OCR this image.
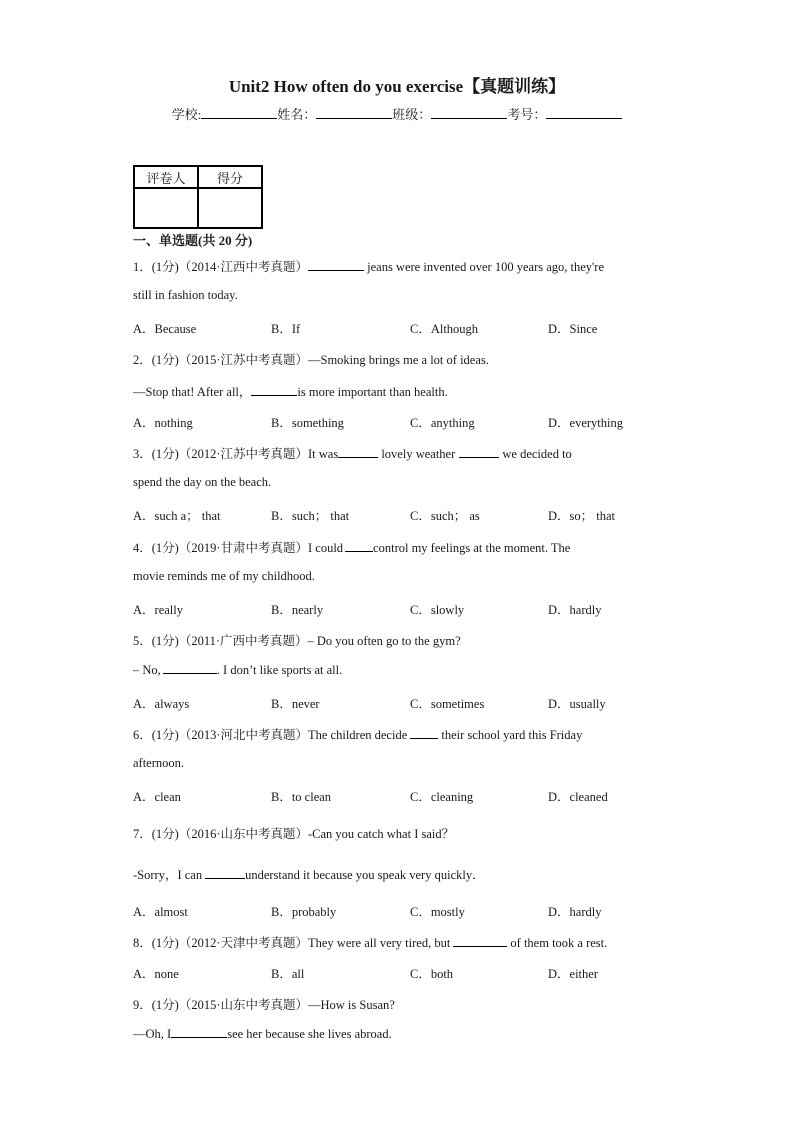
Unit2 How often do you exercise【真题训练】
学校:	姓名：	班级：	考号：
评卷人	得分

一、单选题(共 20 分)
1．(1分)（2014·江西中考真题）	jeans were invented over 100 years ago, they're
still in fashion today.
A．Because	B．If	C．Although	D．Since
2．(1分)（2015·江苏中考真题）—Smoking brings me a lot of ideas.
—Stop that! After all，	is more important than health.
A．nothing	B．something	C．anything	D．everything
3．(1分)（2012·江苏中考真题）It was	lovely weather	we decided to
spend the day on the beach.
A．such a； that	B．such； that	C．such； as	D．so； that
4．(1分)（2019·甘肃中考真题）I could control my feelings at the moment. The
movie reminds me of my childhood.
A．really	B．nearly	C．slowly	D．hardly
5．(1分)（2011·广西中考真题）– Do you often go to the gym?
– No,	. I don’t like sports at all.
A．always	B．never	C．sometimes	D．usually
6．(1分)（2013·河北中考真题）The children decide their school yard this Friday
afternoon.
A．clean	B．to clean	C．cleaning	D．cleaned
7．(1分)（2016·山东中考真题）-Can you catch what I said？
-Sorry，I can	understand it because you speak very quickly．
A．almost	B．probably	C．mostly	D．hardly
8．(1分)（2012·天津中考真题）They were all very tired, but	of them took a rest.
A．none	B．all	C．both	D．either
9．(1分)（2015·山东中考真题）—How is Susan?
—Oh, I	see her because she lives abroad.
